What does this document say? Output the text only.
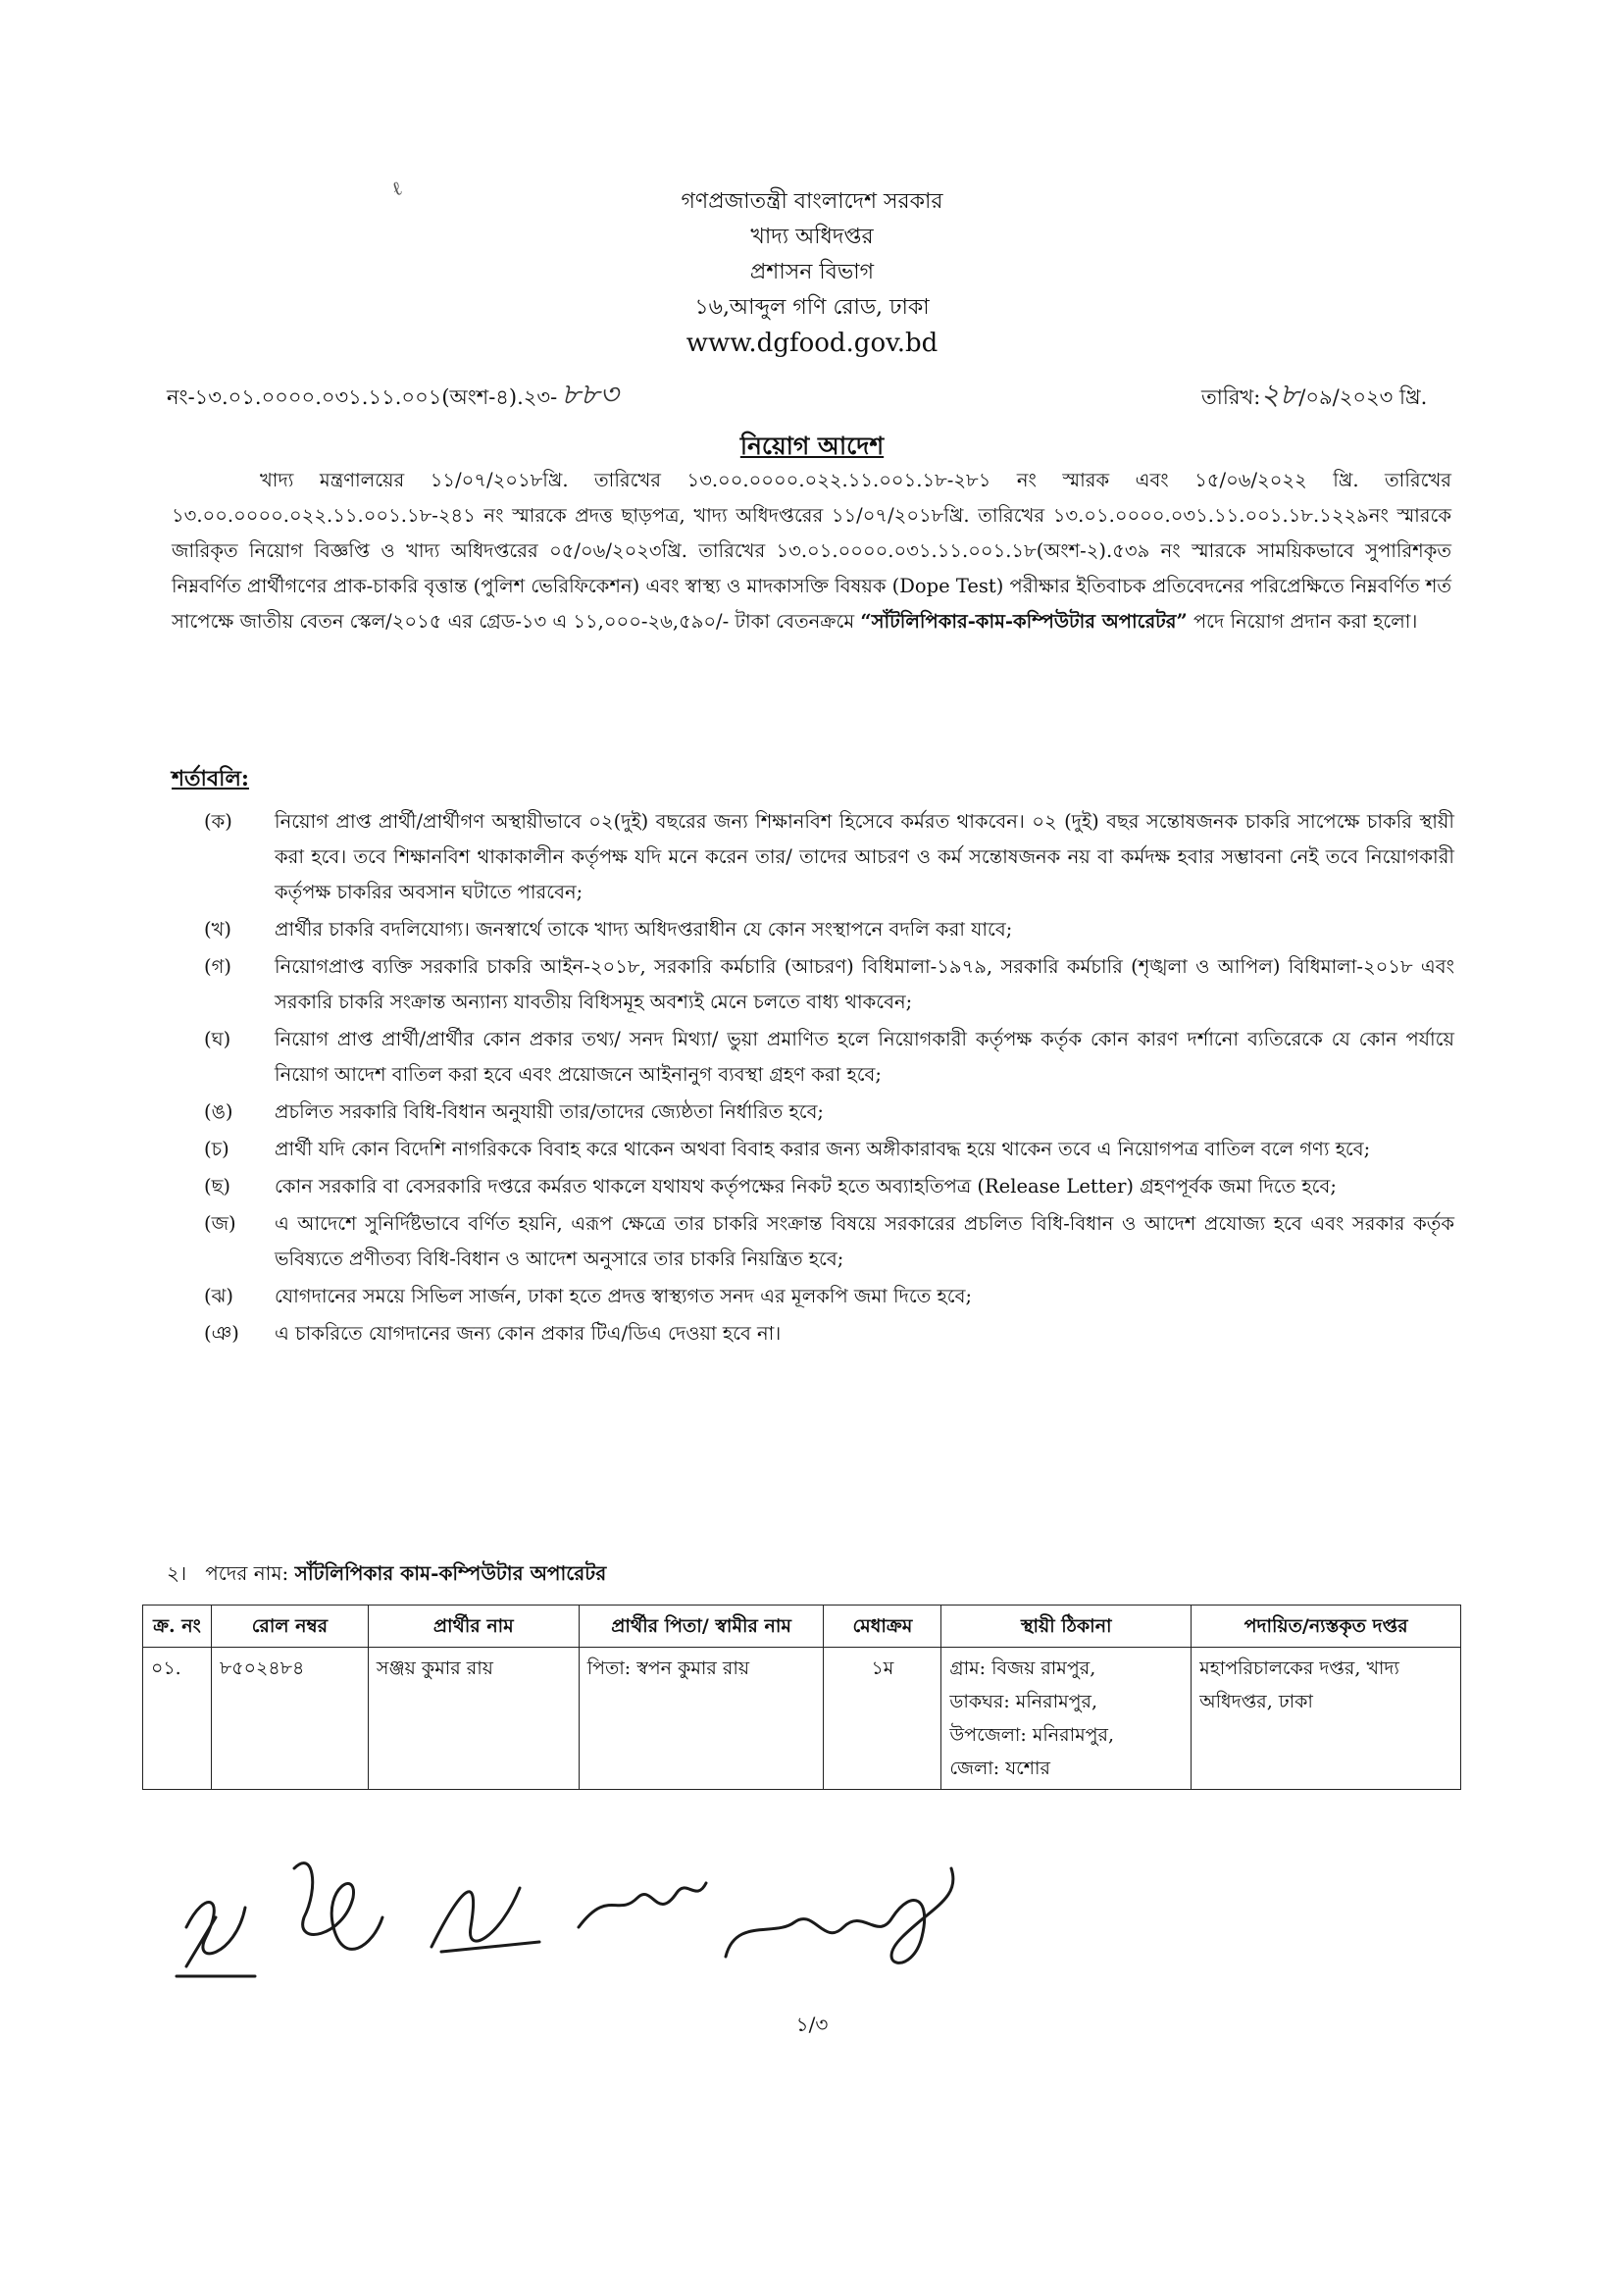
ℓ
গণপ্রজাতন্ত্রী বাংলাদেশ সরকার
খাদ্য অধিদপ্তর
প্রশাসন বিভাগ
১৬,আব্দুল গণি রোড, ঢাকা
www.dgfood.gov.bd
নং-১৩.০১.০০০০.০৩১.১১.০০১(অংশ-৪).২৩- ৮৮৩	তারিখ:২৮/০৯/২০২৩ খ্রি.
নিয়োগ আদেশ
খাদ্য মন্ত্রণালয়ের ১১/০৭/২০১৮খ্রি. তারিখের ১৩.০০.০০০০.০২২.১১.০০১.১৮-২৮১ নং স্মারক এবং ১৫/০৬/২০২২ খ্রি. তারিখের ১৩.০০.০০০০.০২২.১১.০০১.১৮-২৪১ নং স্মারকে প্রদত্ত ছাড়পত্র, খাদ্য অধিদপ্তরের ১১/০৭/২০১৮খ্রি. তারিখের ১৩.০১.০০০০.০৩১.১১.০০১.১৮.১২২৯নং স্মারকে জারিকৃত নিয়োগ বিজ্ঞপ্তি ও খাদ্য অধিদপ্তরের ০৫/০৬/২০২৩খ্রি. তারিখের ১৩.০১.০০০০.০৩১.১১.০০১.১৮(অংশ-২).৫৩৯ নং স্মারকে সাময়িকভাবে সুপারিশকৃত নিম্নবর্ণিত প্রার্থীগণের প্রাক-চাকরি বৃত্তান্ত (পুলিশ ভেরিফিকেশন) এবং স্বাস্থ্য ও মাদকাসক্তি বিষয়ক (Dope Test) পরীক্ষার ইতিবাচক প্রতিবেদনের পরিপ্রেক্ষিতে নিম্নবর্ণিত শর্ত সাপেক্ষে জাতীয় বেতন স্কেল/২০১৫ এর গ্রেড-১৩ এ ১১,০০০-২৬,৫৯০/- টাকা বেতনক্রমে “সাঁটলিপিকার-কাম-কম্পিউটার অপারেটর” পদে নিয়োগ প্রদান করা হলো।
শর্তাবলি:
(ক)	নিয়োগ প্রাপ্ত প্রার্থী/প্রার্থীগণ অস্থায়ীভাবে ০২(দুই) বছরের জন্য শিক্ষানবিশ হিসেবে কর্মরত থাকবেন। ০২ (দুই) বছর সন্তোষজনক চাকরি সাপেক্ষে চাকরি স্থায়ী করা হবে। তবে শিক্ষানবিশ থাকাকালীন কর্তৃপক্ষ যদি মনে করেন তার/ তাদের আচরণ ও কর্ম সন্তোষজনক নয় বা কর্মদক্ষ হবার সম্ভাবনা নেই তবে নিয়োগকারী কর্তৃপক্ষ চাকরির অবসান ঘটাতে পারবেন;
(খ)	প্রার্থীর চাকরি বদলিযোগ্য। জনস্বার্থে তাকে খাদ্য অধিদপ্তরাধীন যে কোন সংস্থাপনে বদলি করা যাবে;
(গ)	নিয়োগপ্রাপ্ত ব্যক্তি সরকারি চাকরি আইন-২০১৮, সরকারি কর্মচারি (আচরণ) বিধিমালা-১৯৭৯, সরকারি কর্মচারি (শৃঙ্খলা ও আপিল) বিধিমালা-২০১৮ এবং সরকারি চাকরি সংক্রান্ত অন্যান্য যাবতীয় বিধিসমূহ অবশ্যই মেনে চলতে বাধ্য থাকবেন;
(ঘ)	নিয়োগ প্রাপ্ত প্রার্থী/প্রার্থীর কোন প্রকার তথ্য/ সনদ মিথ্যা/ ভুয়া প্রমাণিত হলে নিয়োগকারী কর্তৃপক্ষ কর্তৃক কোন কারণ দর্শানো ব্যতিরেকে যে কোন পর্যায়ে নিয়োগ আদেশ বাতিল করা হবে এবং প্রয়োজনে আইনানুগ ব্যবস্থা গ্রহণ করা হবে;
(ঙ)	প্রচলিত সরকারি বিধি-বিধান অনুযায়ী তার/তাদের জ্যেষ্ঠতা নির্ধারিত হবে;
(চ)	প্রার্থী যদি কোন বিদেশি নাগরিককে বিবাহ করে থাকেন অথবা বিবাহ করার জন্য অঙ্গীকারাবদ্ধ হয়ে থাকেন তবে এ নিয়োগপত্র বাতিল বলে গণ্য হবে;
(ছ)	কোন সরকারি বা বেসরকারি দপ্তরে কর্মরত থাকলে যথাযথ কর্তৃপক্ষের নিকট হতে অব্যাহতিপত্র (Release Letter) গ্রহণপূর্বক জমা দিতে হবে;
(জ)	এ আদেশে সুনির্দিষ্টভাবে বর্ণিত হয়নি, এরূপ ক্ষেত্রে তার চাকরি সংক্রান্ত বিষয়ে সরকারের প্রচলিত বিধি-বিধান ও আদেশ প্রযোজ্য হবে এবং সরকার কর্তৃক ভবিষ্যতে প্রণীতব্য বিধি-বিধান ও আদেশ অনুসারে তার চাকরি নিয়ন্ত্রিত হবে;
(ঝ)	যোগদানের সময়ে সিভিল সার্জন, ঢাকা হতে প্রদত্ত স্বাস্থ্যগত সনদ এর মূলকপি জমা দিতে হবে;
(ঞ)	এ চাকরিতে যোগদানের জন্য কোন প্রকার টিএ/ডিএ দেওয়া হবে না।
২। পদের নাম: সাঁটলিপিকার কাম-কম্পিউটার অপারেটর
ক্র. নং	রোল নম্বর	প্রার্থীর নাম	প্রার্থীর পিতা/ স্বামীর নাম	মেধাক্রম	স্থায়ী ঠিকানা	পদায়িত/ন্যস্তকৃত দপ্তর
০১.	৮৫০২৪৮৪	সঞ্জয় কুমার রায়	পিতা: স্বপন কুমার রায়	১ম	গ্রাম: বিজয় রামপুর,
ডাকঘর: মনিরামপুর,
উপজেলা: মনিরামপুর,
জেলা: যশোর	মহাপরিচালকের দপ্তর, খাদ্য অধিদপ্তর, ঢাকা
১/৩
